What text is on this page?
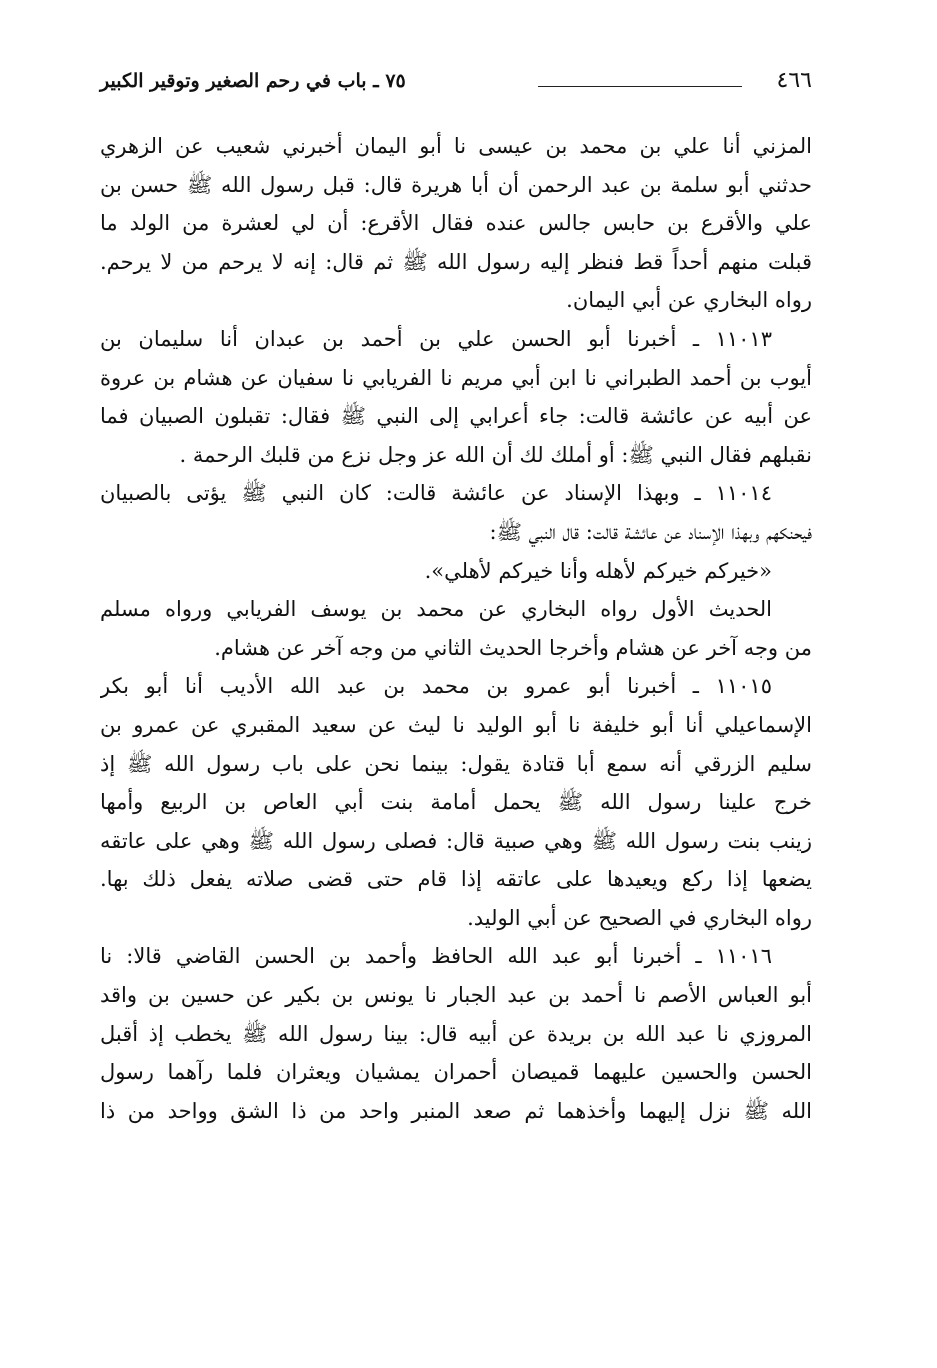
٤٦٦
٧٥ ـ باب في رحم الصغير وتوقير الكبير
المزني أنا علي بن محمد بن عيسى نا أبو اليمان أخبرني شعيب عن الزهري
حدثني أبو سلمة بن عبد الرحمن أن أبا هريرة قال: قبل رسول الله ﷺ حسن بن
علي والأقرع بن حابس جالس عنده فقال الأقرع: أن لي لعشرة من الولد ما
قبلت منهم أحداً قط فنظر إليه رسول الله ﷺ ثم قال: إنه لا يرحم من لا يرحم.
رواه البخاري عن أبي اليمان.
١١٠١٣ ـ أخبرنا أبو الحسن علي بن أحمد بن عبدان أنا سليمان بن
أيوب بن أحمد الطبراني نا ابن أبي مريم نا الفريابي نا سفيان عن هشام بن عروة
عن أبيه عن عائشة قالت: جاء أعرابي إلى النبي ﷺ فقال: تقبلون الصبيان فما
نقبلهم فقال النبي ﷺ: أو أملك لك أن الله عز وجل نزع من قلبك الرحمة .
١١٠١٤ ـ وبهذا الإسناد عن عائشة قالت: كان النبي ﷺ يؤتى بالصبيان
فيحنكهم وبهذا الإسناد عن عائشة قالت: قال النبي ﷺ:
«خيركم خيركم لأهله وأنا خيركم لأهلي».
الحديث الأول رواه البخاري عن محمد بن يوسف الفريابي ورواه مسلم
من وجه آخر عن هشام وأخرجا الحديث الثاني من وجه آخر عن هشام.
١١٠١٥ ـ أخبرنا أبو عمرو بن محمد بن عبد الله الأديب أنا أبو بكر
الإسماعيلي أنا أبو خليفة نا أبو الوليد نا ليث عن سعيد المقبري عن عمرو بن
سليم الزرقي أنه سمع أبا قتادة يقول: بينما نحن على باب رسول الله ﷺ إذ
خرج علينا رسول الله ﷺ يحمل أمامة بنت أبي العاص بن الربيع وأمها
زينب بنت رسول الله ﷺ وهي صبية قال: فصلى رسول الله ﷺ وهي على عاتقه
يضعها إذا ركع ويعيدها على عاتقه إذا قام حتى قضى صلاته يفعل ذلك بها.
رواه البخاري في الصحيح عن أبي الوليد.
١١٠١٦ ـ أخبرنا أبو عبد الله الحافظ وأحمد بن الحسن القاضي قالا: نا
أبو العباس الأصم نا أحمد بن عبد الجبار نا يونس بن بكير عن حسين بن واقد
المروزي نا عبد الله بن بريدة عن أبيه قال: بينا رسول الله ﷺ يخطب إذ أقبل
الحسن والحسين عليهما قميصان أحمران يمشيان ويعثران فلما رآهما رسول
الله ﷺ نزل إليهما وأخذهما ثم صعد المنبر واحد من ذا الشق وواحد من ذا
